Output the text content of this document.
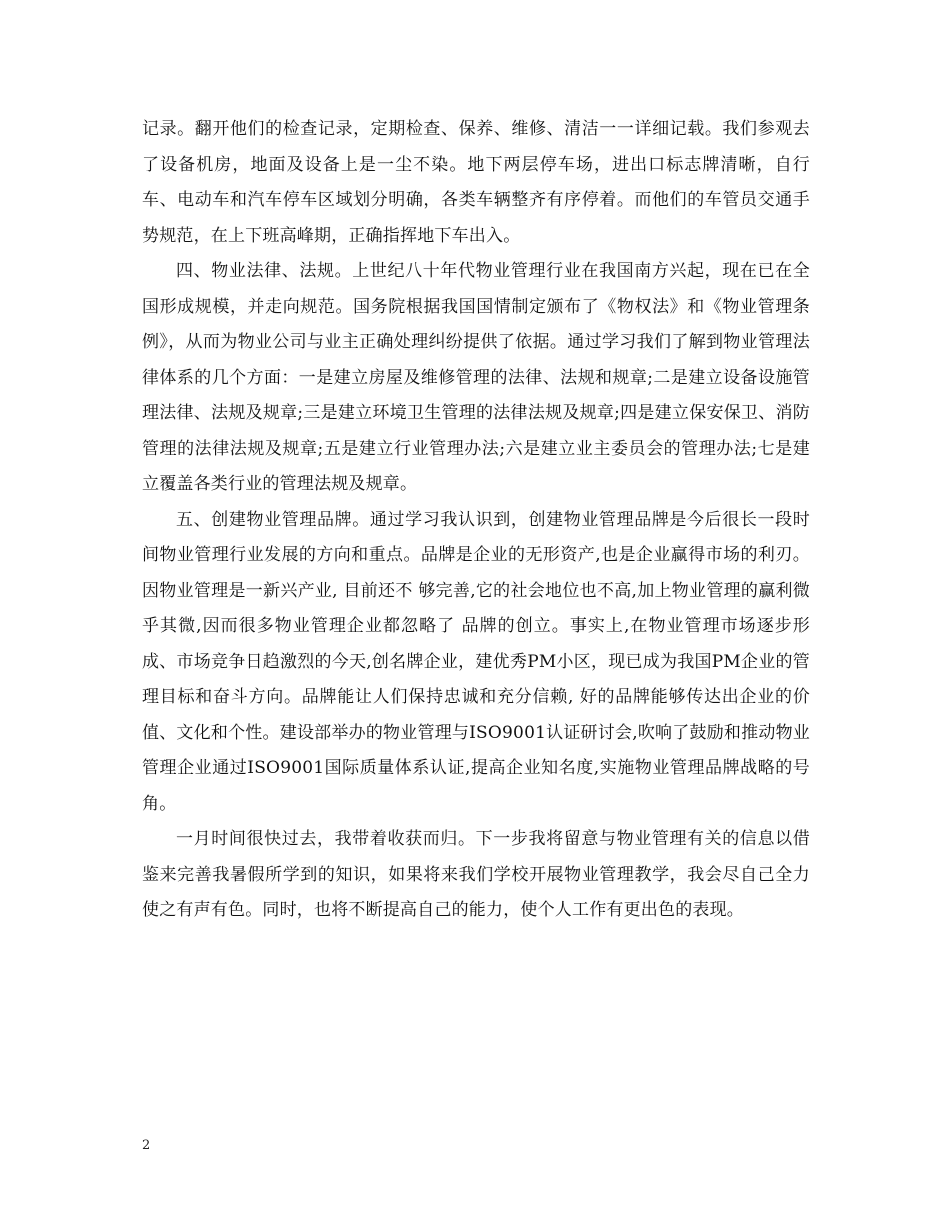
记录。翻开他们的检查记录，定期检查、保养、维修、清洁一一详细记载。我们参观去了设备机房，地面及设备上是一尘不染。地下两层停车场，进出口标志牌清晰，自行车、电动车和汽车停车区域划分明确，各类车辆整齐有序停着。而他们的车管员交通手势规范，在上下班高峰期，正确指挥地下车出入。

四、物业法律、法规。上世纪八十年代物业管理行业在我国南方兴起，现在已在全国形成规模，并走向规范。国务院根据我国国情制定颁布了《物权法》和《物业管理条例》，从而为物业公司与业主正确处理纠纷提供了依据。通过学习我们了解到物业管理法律体系的几个方面：一是建立房屋及维修管理的法律、法规和规章;二是建立设备设施管理法律、法规及规章;三是建立环境卫生管理的法律法规及规章;四是建立保安保卫、消防管理的法律法规及规章;五是建立行业管理办法;六是建立业主委员会的管理办法;七是建立覆盖各类行业的管理法规及规章。

五、创建物业管理品牌。通过学习我认识到，创建物业管理品牌是今后很长一段时间物业管理行业发展的方向和重点。品牌是企业的无形资产,也是企业赢得市场的利刃。因物业管理是一新兴产业, 目前还不 够完善,它的社会地位也不高,加上物业管理的赢利微乎其微,因而很多物业管理企业都忽略了 品牌的创立。事实上,在物业管理市场逐步形成、市场竞争日趋激烈的今天,创名牌企业，建优秀PM小区，现已成为我国PM企业的管理目标和奋斗方向。品牌能让人们保持忠诚和充分信赖, 好的品牌能够传达出企业的价值、文化和个性。建设部举办的物业管理与ISO9001认证研讨会,吹响了鼓励和推动物业管理企业通过ISO9001国际质量体系认证,提高企业知名度,实施物业管理品牌战略的号角。

一月时间很快过去，我带着收获而归。下一步我将留意与物业管理有关的信息以借鉴来完善我暑假所学到的知识，如果将来我们学校开展物业管理教学，我会尽自己全力使之有声有色。同时，也将不断提高自己的能力，使个人工作有更出色的表现。

2
